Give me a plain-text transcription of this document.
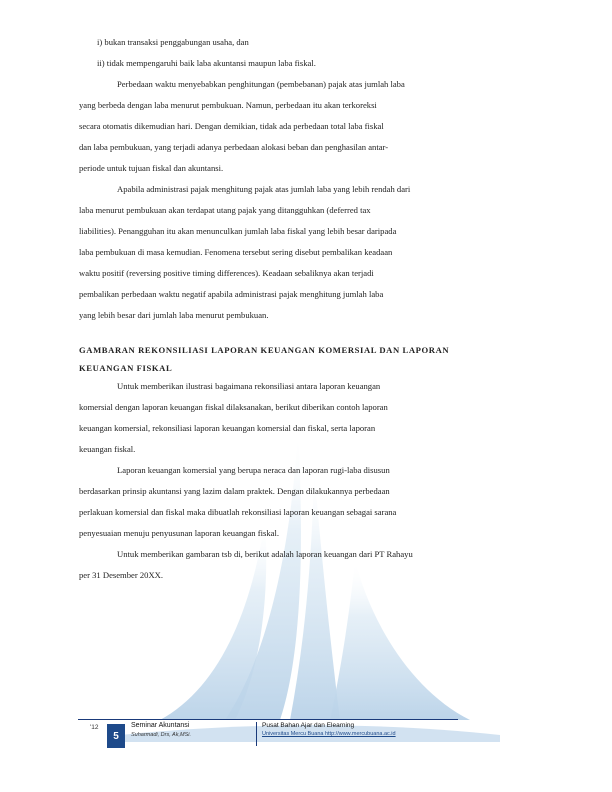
i) bukan transaksi penggabungan usaha, dan
ii) tidak mempengaruhi baik laba akuntansi maupun laba fiskal.
Perbedaan waktu menyebabkan penghitungan (pembebanan) pajak atas jumlah laba
yang berbeda dengan laba menurut pembukuan. Namun, perbedaan itu akan terkoreksi
secara otomatis dikemudian hari. Dengan demikian, tidak ada perbedaan total laba fiskal
dan laba pembukuan, yang terjadi adanya perbedaan alokasi beban dan penghasilan antar-
periode untuk tujuan fiskal dan akuntansi.
Apabila administrasi pajak menghitung pajak atas jumlah laba yang lebih rendah dari
laba menurut pembukuan akan terdapat utang pajak yang ditangguhkan (deferred tax
liabilities). Penangguhan itu akan menunculkan jumlah laba fiskal yang lebih besar daripada
laba pembukuan di masa kemudian. Fenomena tersebut sering disebut pembalikan keadaan
waktu positif (reversing positive timing differences). Keadaan sebaliknya akan terjadi
pembalikan perbedaan waktu negatif apabila administrasi pajak menghitung jumlah laba
yang lebih besar dari jumlah laba menurut pembukuan.
GAMBARAN REKONSILIASI LAPORAN KEUANGAN KOMERSIAL DAN LAPORAN
KEUANGAN FISKAL
Untuk memberikan ilustrasi bagaimana rekonsiliasi antara laporan keuangan
komersial dengan laporan keuangan fiskal dilaksanakan, berikut diberikan contoh laporan
keuangan komersial, rekonsiliasi laporan keuangan komersial dan fiskal, serta laporan
keuangan fiskal.
Laporan keuangan komersial yang berupa neraca dan laporan rugi-laba disusun
berdasarkan prinsip akuntansi yang lazim dalam praktek. Dengan dilakukannya perbedaan
perlakuan komersial dan fiskal maka dibuatlah rekonsiliasi laporan keuangan sebagai sarana
penyesuaian menuju penyusunan laporan keuangan fiskal.
Untuk memberikan gambaran tsb di, berikut adalah laporan keuangan dari PT Rahayu
per 31 Desember 20XX.
'12
5
Seminar Akuntansi
Suharmadi, Drs, Ak,MSi.
Pusat Bahan Ajar dan Elearning
Universitas Mercu Buana http://www.mercubuana.ac.id
